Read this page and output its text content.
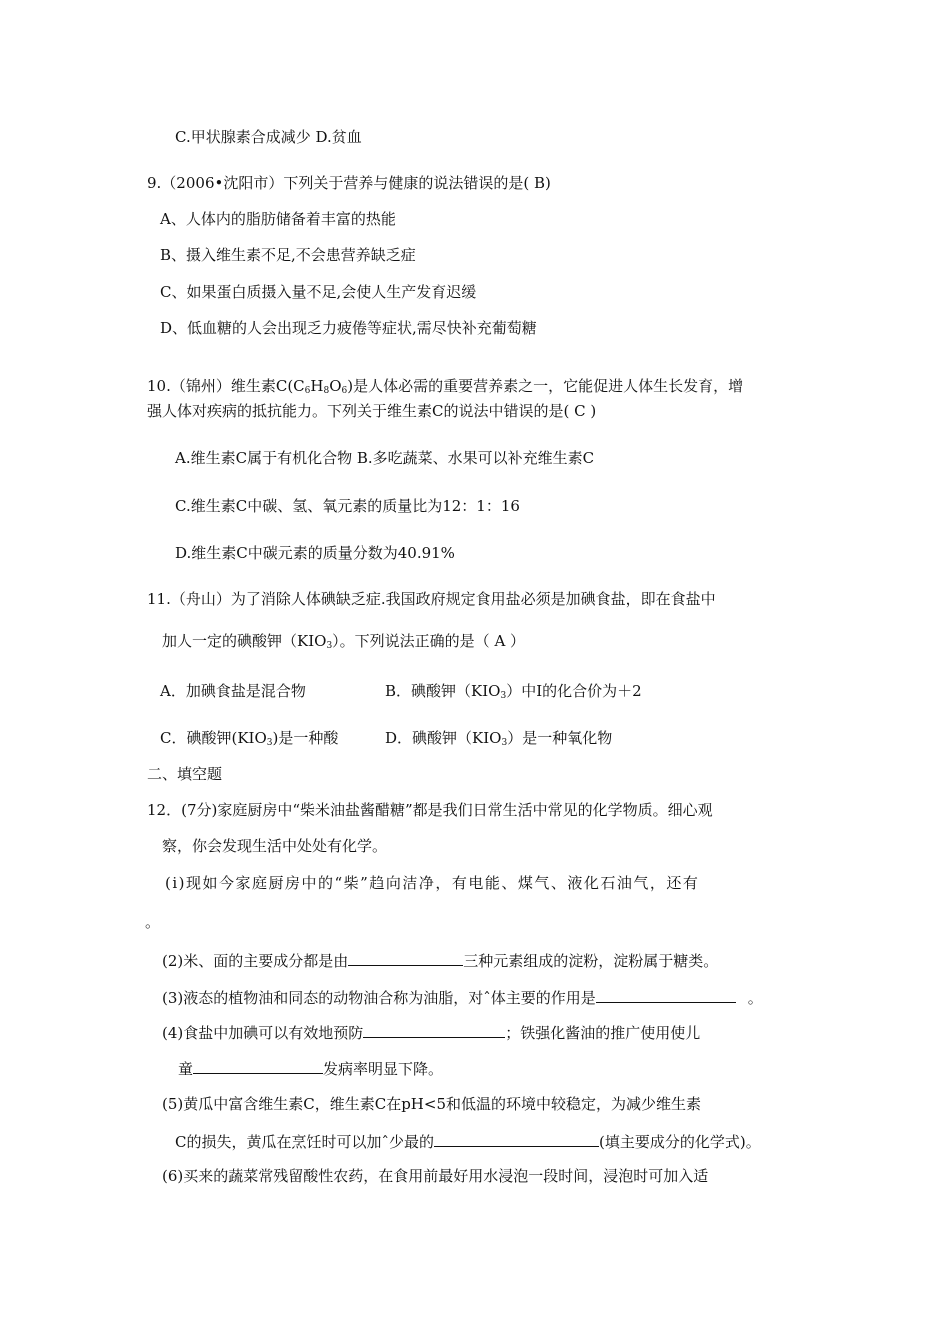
C.甲状腺素合成减少 D.贫血
9.（2006•沈阳市）下列关于营养与健康的说法错误的是( B)
A、人体内的脂肪储备着丰富的热能
B、摄入维生素不足,不会患营养缺乏症
C、如果蛋白质摄入量不足,会使人生产发育迟缓
D、低血糖的人会出现乏力疲倦等症状,需尽快补充葡萄糖
10.（锦州）维生素$C(C_6H_8O_6)$是人体必需的重要营养素之一，它能促进人体生长发育，增
强人体对疾病的抵抗能力。下列关于维生素C的说法中错误的是( C )
A.维生素C属于有机化合物 B.多吃蔬菜、水果可以补充维生素C
C.维生素C中碳、氢、氧元素的质量比为12：1：16
D.维生素C中碳元素的质量分数为40.91%
11.（舟山）为了消除人体碘缺乏症.我国政府规定食用盐必须是加碘食盐，即在食盐中
加人一定的碘酸钾$(KIO_3)$。下列说法正确的是（ A ）
A．加碘食盐是混合物	B．碘酸钾$(KIO_3)$中I的化合价为＋2
C．碘酸钾$(KIO_3)$是一种酸	D．碘酸钾$(KIO_3)$是一种氧化物
二、填空题
12．(7分)家庭厨房中“柴米油盐酱醋糖”都是我们日常生活中常见的化学物质。细心观
察，你会发现生活中处处有化学。
(i)现如今家庭厨房中的“柴”趋向洁净，有电能、煤气、液化石油气，还有
。
(2)米、面的主要成分都是由	三种元素组成的淀粉，淀粉属于糖类。
(3)液态的植物油和同态的动物油合称为油脂，对ˆ体主要的作用是	。
(4)食盐中加碘可以有效地预防	；铁强化酱油的推广使用使儿
童	发病率明显下降。
(5)黄瓜中富含维生素C，维生素C在pH<5和低温的环境中较稳定，为减少维生素
C的损失，黄瓜在烹饪时可以加ˆ少最的	(填主要成分的化学式)。
(6)买来的蔬菜常残留酸性农药，在食用前最好用水浸泡一段时间，浸泡时可加入适
